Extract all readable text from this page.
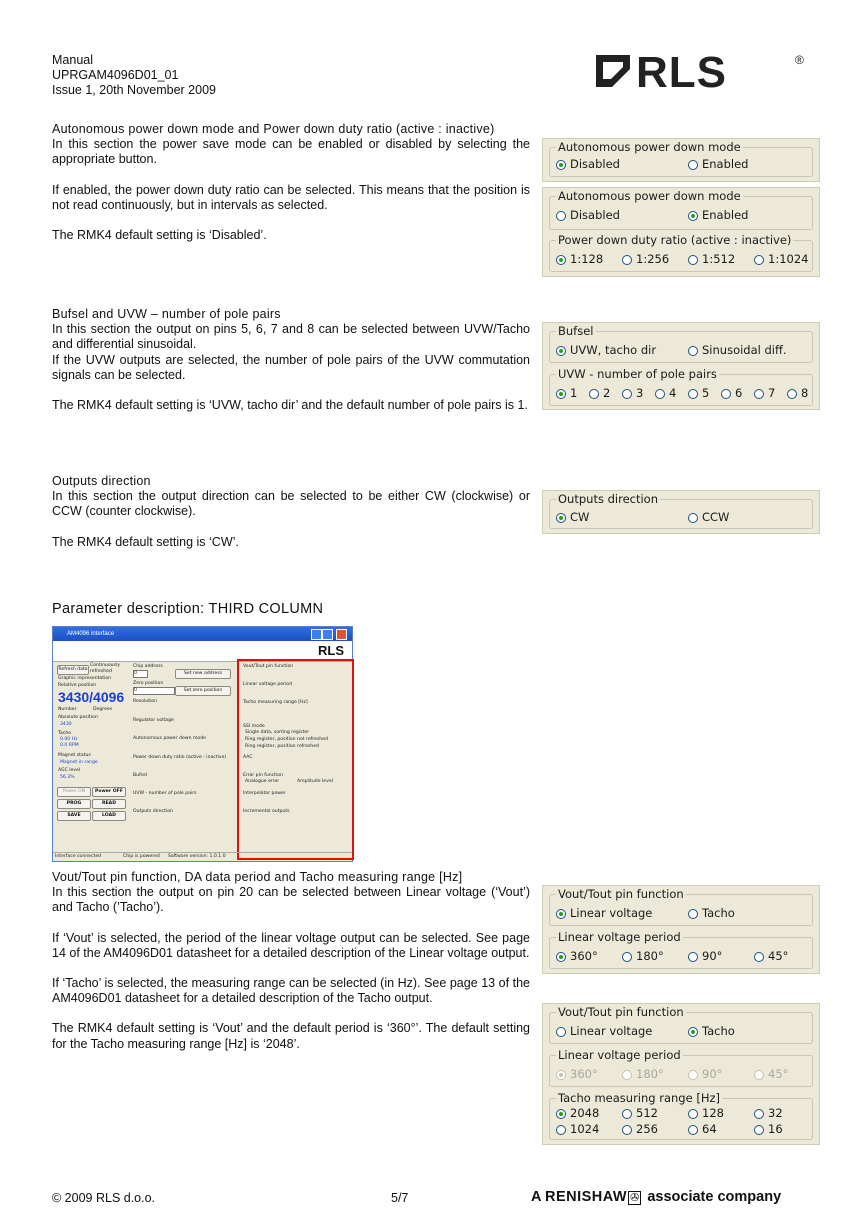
Manual
UPRGAM4096D01_01
Issue 1, 20th November 2009	RLS	®
Autonomous power down mode and Power down duty ratio (active : inactive)

In this section the power save mode can be enabled or disabled by selecting the appropriate button.

If enabled, the power down duty ratio can be selected. This means that the position is not read continuously, but in intervals as selected.

The RMK4 default setting is ‘Disabled’.

Autonomous power down mode
Disabled	Enabled
Autonomous power down mode
Disabled	Enabled
Power down duty ratio (active : inactive)
1:128	1:256	1:512	1:1024
Bufsel and UVW – number of pole pairs

In this section the output on pins 5, 6, 7 and 8 can be selected between UVW/Tacho and differential sinusoidal.

If the UVW outputs are selected, the number of pole pairs of the UVW commutation signals can be selected.

The RMK4 default setting is ‘UVW, tacho dir’ and the default number of pole pairs is 1.

Bufsel
UVW, tacho dir	Sinusoidal diff.
UVW - number of pole pairs
1	2	3	4	5	6	7	8
Outputs direction

In this section the output direction can be selected to be either CW (clockwise) or CCW (counter clockwise).

The RMK4 default setting is ‘CW’.

Outputs direction
CW	CCW
Parameter description: THIRD COLUMN
AM4096 interface
RLS
Refresh data
Continuously refreshed
Graphic representation
Relative position
3430/4096
Number	Degrees
Absolute position
3430
Tacho
0.00 Hz
0.0 RPM
Magnet status
Magnet in range
AGC level
56.3%
Power ON	Power OFF
PROG	READ
SAVE	LOAD
Chip address
0	Set new address
Zero position
0	Set zero position
Resolution
Regulator voltage
Autonomous power down mode
Power down duty ratio (active : inactive)
Bufsel
UVW - number of pole pairs
Outputs direction
Vout/Tout pin function
Linear voltage period
Tacho measuring range [Hz]
SSI mode
Single data, sorting register
Ring register, position not refreshed
Ring register, position refreshed
AAC
Error pin function
Analogue error	Amplitude level
Interpolator power
Incremental outputs
Interface connected	Chip is powered Software version: 1.0.1.0
Vout/Tout pin function, DA data period and Tacho measuring range [Hz]

In this section the output on pin 20 can be selected between Linear voltage (‘Vout’) and Tacho (’Tacho’).

If ‘Vout’ is selected, the period of the linear voltage output can be selected. See page 14 of the AM4096D01 datasheet for a detailed description of the Linear voltage output.

If ‘Tacho’ is selected, the measuring range can be selected (in Hz). See page 13 of the AM4096D01 datasheet for a detailed description of the Tacho output.

The RMK4 default setting is ‘Vout’ and the default period is ‘360°’. The default setting for the Tacho measuring range [Hz] is ‘2048’.

Vout/Tout pin function
Linear voltage	Tacho
Linear voltage period
360°	180°	90°	45°
Vout/Tout pin function
Linear voltage	Tacho
Linear voltage period
360°	180°	90°	45°
Tacho measuring range [Hz]
2048	512	128	32
1024	256	64	16
© 2009 RLS d.o.o.	5/7	A RENISHAW ✇ associate company
